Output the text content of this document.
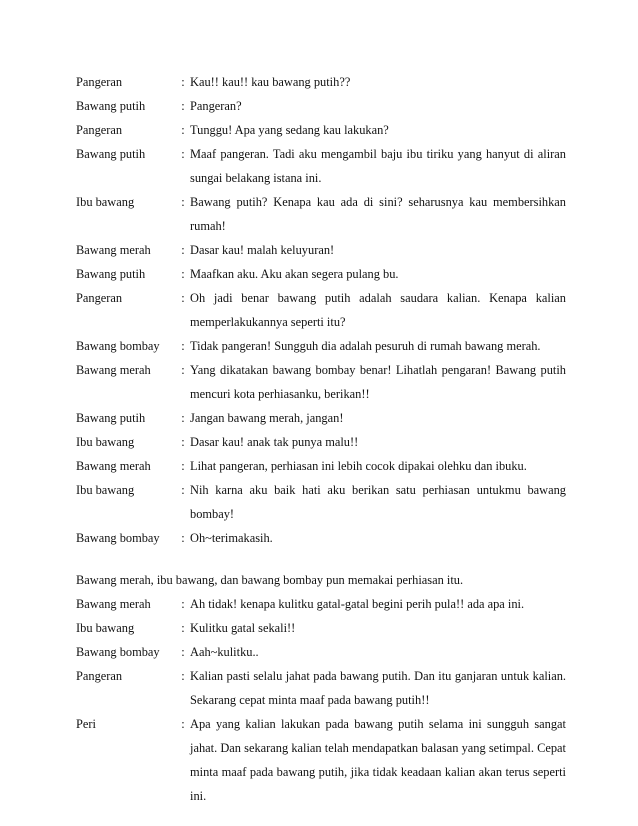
Pangeran	: Kau!! kau!! kau bawang putih??
Bawang putih	: Pangeran?
Pangeran	: Tunggu! Apa yang sedang kau lakukan?
Bawang putih	: Maaf pangeran. Tadi aku mengambil baju ibu tiriku yang hanyut di aliran sungai belakang istana ini.
Ibu bawang	: Bawang putih? Kenapa kau ada di sini? seharusnya kau membersihkan rumah!
Bawang merah	: Dasar kau! malah keluyuran!
Bawang putih	: Maafkan aku. Aku akan segera pulang bu.
Pangeran	: Oh jadi benar bawang putih adalah saudara kalian. Kenapa kalian memperlakukannya seperti itu?
Bawang bombay	: Tidak pangeran! Sungguh dia adalah pesuruh di rumah bawang merah.
Bawang merah	: Yang dikatakan bawang bombay benar! Lihatlah pengaran! Bawang putih mencuri kota perhiasanku, berikan!!
Bawang putih	: Jangan bawang merah, jangan!
Ibu bawang	: Dasar kau! anak tak punya malu!!
Bawang merah	: Lihat pangeran, perhiasan ini lebih cocok dipakai olehku dan ibuku.
Ibu bawang	: Nih karna aku baik hati aku berikan satu perhiasan untukmu bawang bombay!
Bawang bombay	: Oh~terimakasih.
Bawang merah, ibu bawang, dan bawang bombay pun memakai perhiasan itu.
Bawang merah	: Ah tidak! kenapa kulitku gatal-gatal begini perih pula!! ada apa ini.
Ibu bawang	: Kulitku gatal sekali!!
Bawang bombay	: Aah~kulitku..
Pangeran	: Kalian pasti selalu jahat pada bawang putih. Dan itu ganjaran untuk kalian. Sekarang cepat minta maaf pada bawang putih!!
Peri	: Apa yang kalian lakukan pada bawang putih selama ini sungguh sangat jahat. Dan sekarang kalian telah mendapatkan balasan yang setimpal. Cepat minta maaf pada bawang putih, jika tidak keadaan kalian akan terus seperti ini.
